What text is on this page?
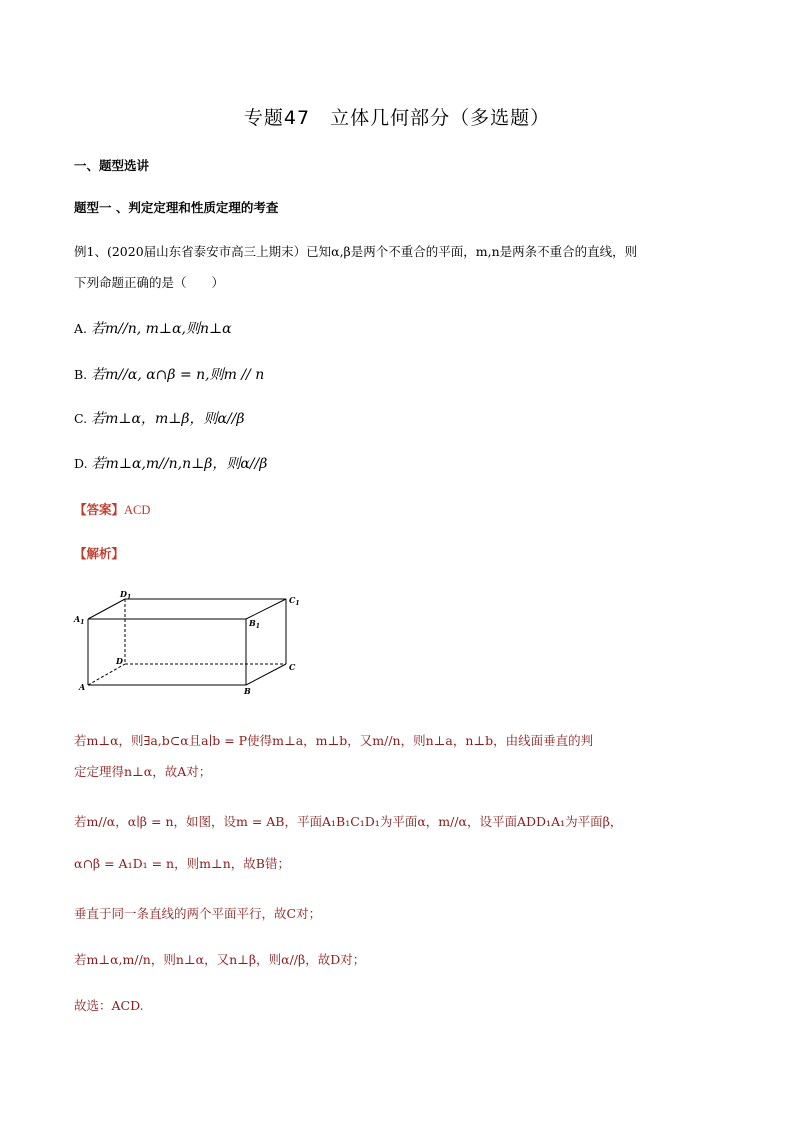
专题47　立体几何部分（多选题）
一、题型选讲
题型一 、判定定理和性质定理的考查
例1、(2020届山东省泰安市高三上期末）已知α,β是两个不重合的平面，m,n是两条不重合的直线，则
下列命题正确的是（　　）
A. 若m//n, m⊥α,则n⊥α
B. 若m//α, α∩β = n,则m // n
C. 若m⊥α，m⊥β，则α//β
D. 若m⊥α,m//n,n⊥β，则α//β
【答案】ACD
【解析】
$A_1$
$D_1$
$B_1$
$C_1$
D
C
A	B
若m⊥α，则∃a,b⊂α且a∣b = P使得m⊥a，m⊥b，又m//n，则n⊥a，n⊥b，由线面垂直的判
定定理得n⊥α，故A对；
若m//α，α∣β = n，如图，设m = AB，平面A₁B₁C₁D₁为平面α，m//α，设平面ADD₁A₁为平面β，
α∩β = A₁D₁ = n，则m⊥n，故B错；
垂直于同一条直线的两个平面平行，故C对；
若m⊥α,m//n，则n⊥α，又n⊥β，则α//β，故D对；
故选：ACD.
